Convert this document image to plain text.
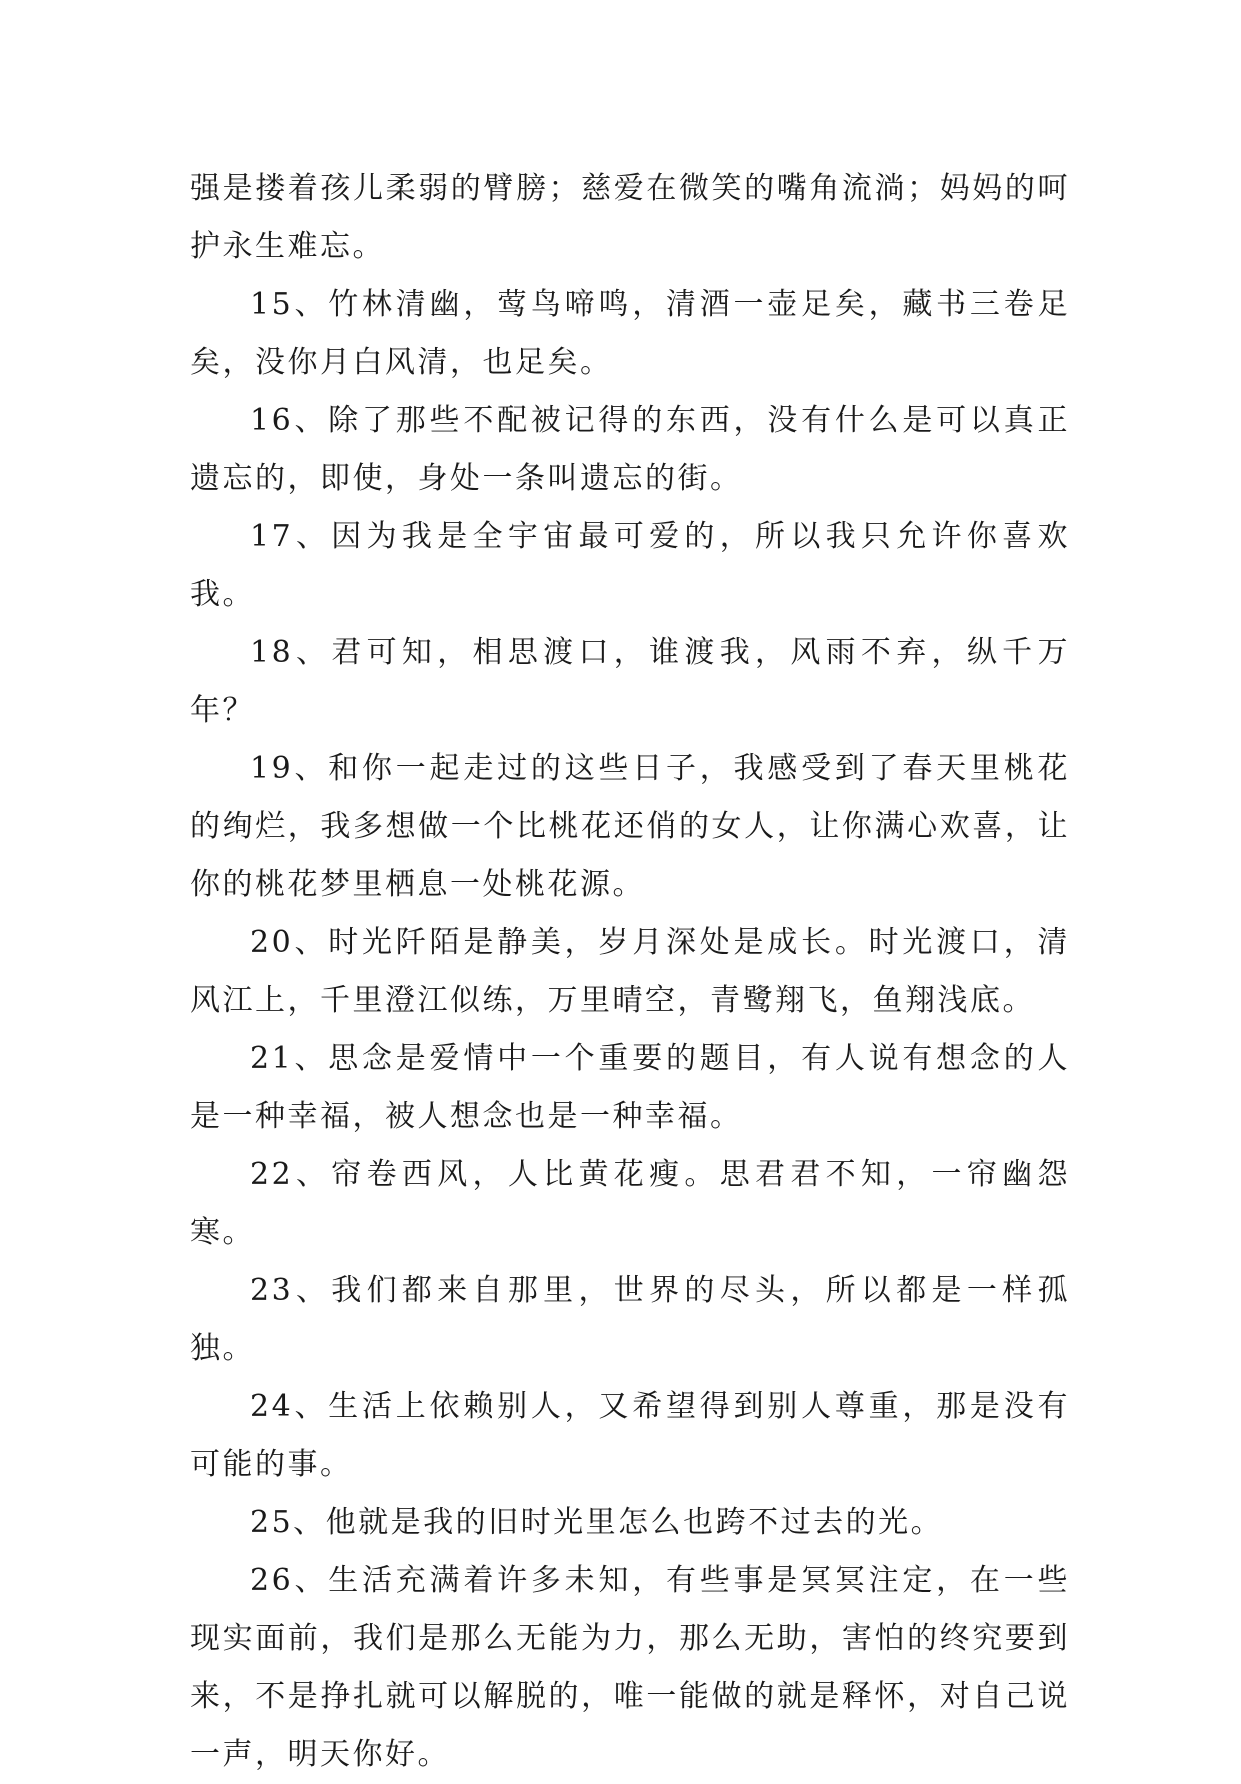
强是搂着孩儿柔弱的臂膀；慈爱在微笑的嘴角流淌；妈妈的呵护永生难忘。

15、竹林清幽，莺鸟啼鸣，清酒一壶足矣，藏书三卷足矣，没你月白风清，也足矣。

16、除了那些不配被记得的东西，没有什么是可以真正遗忘的，即使，身处一条叫遗忘的街。

17、因为我是全宇宙最可爱的，所以我只允许你喜欢我。

18、君可知，相思渡口，谁渡我，风雨不弃，纵千万年？

19、和你一起走过的这些日子，我感受到了春天里桃花的绚烂，我多想做一个比桃花还俏的女人，让你满心欢喜，让你的桃花梦里栖息一处桃花源。

20、时光阡陌是静美，岁月深处是成长。时光渡口，清风江上，千里澄江似练，万里晴空，青鹭翔飞，鱼翔浅底。

21、思念是爱情中一个重要的题目，有人说有想念的人是一种幸福，被人想念也是一种幸福。

22、帘卷西风，人比黄花瘦。思君君不知，一帘幽怨寒。

23、我们都来自那里，世界的尽头，所以都是一样孤独。

24、生活上依赖别人，又希望得到别人尊重，那是没有可能的事。

25、他就是我的旧时光里怎么也跨不过去的光。

26、生活充满着许多未知，有些事是冥冥注定，在一些现实面前，我们是那么无能为力，那么无助，害怕的终究要到来，不是挣扎就可以解脱的，唯一能做的就是释怀，对自己说一声，明天你好。
